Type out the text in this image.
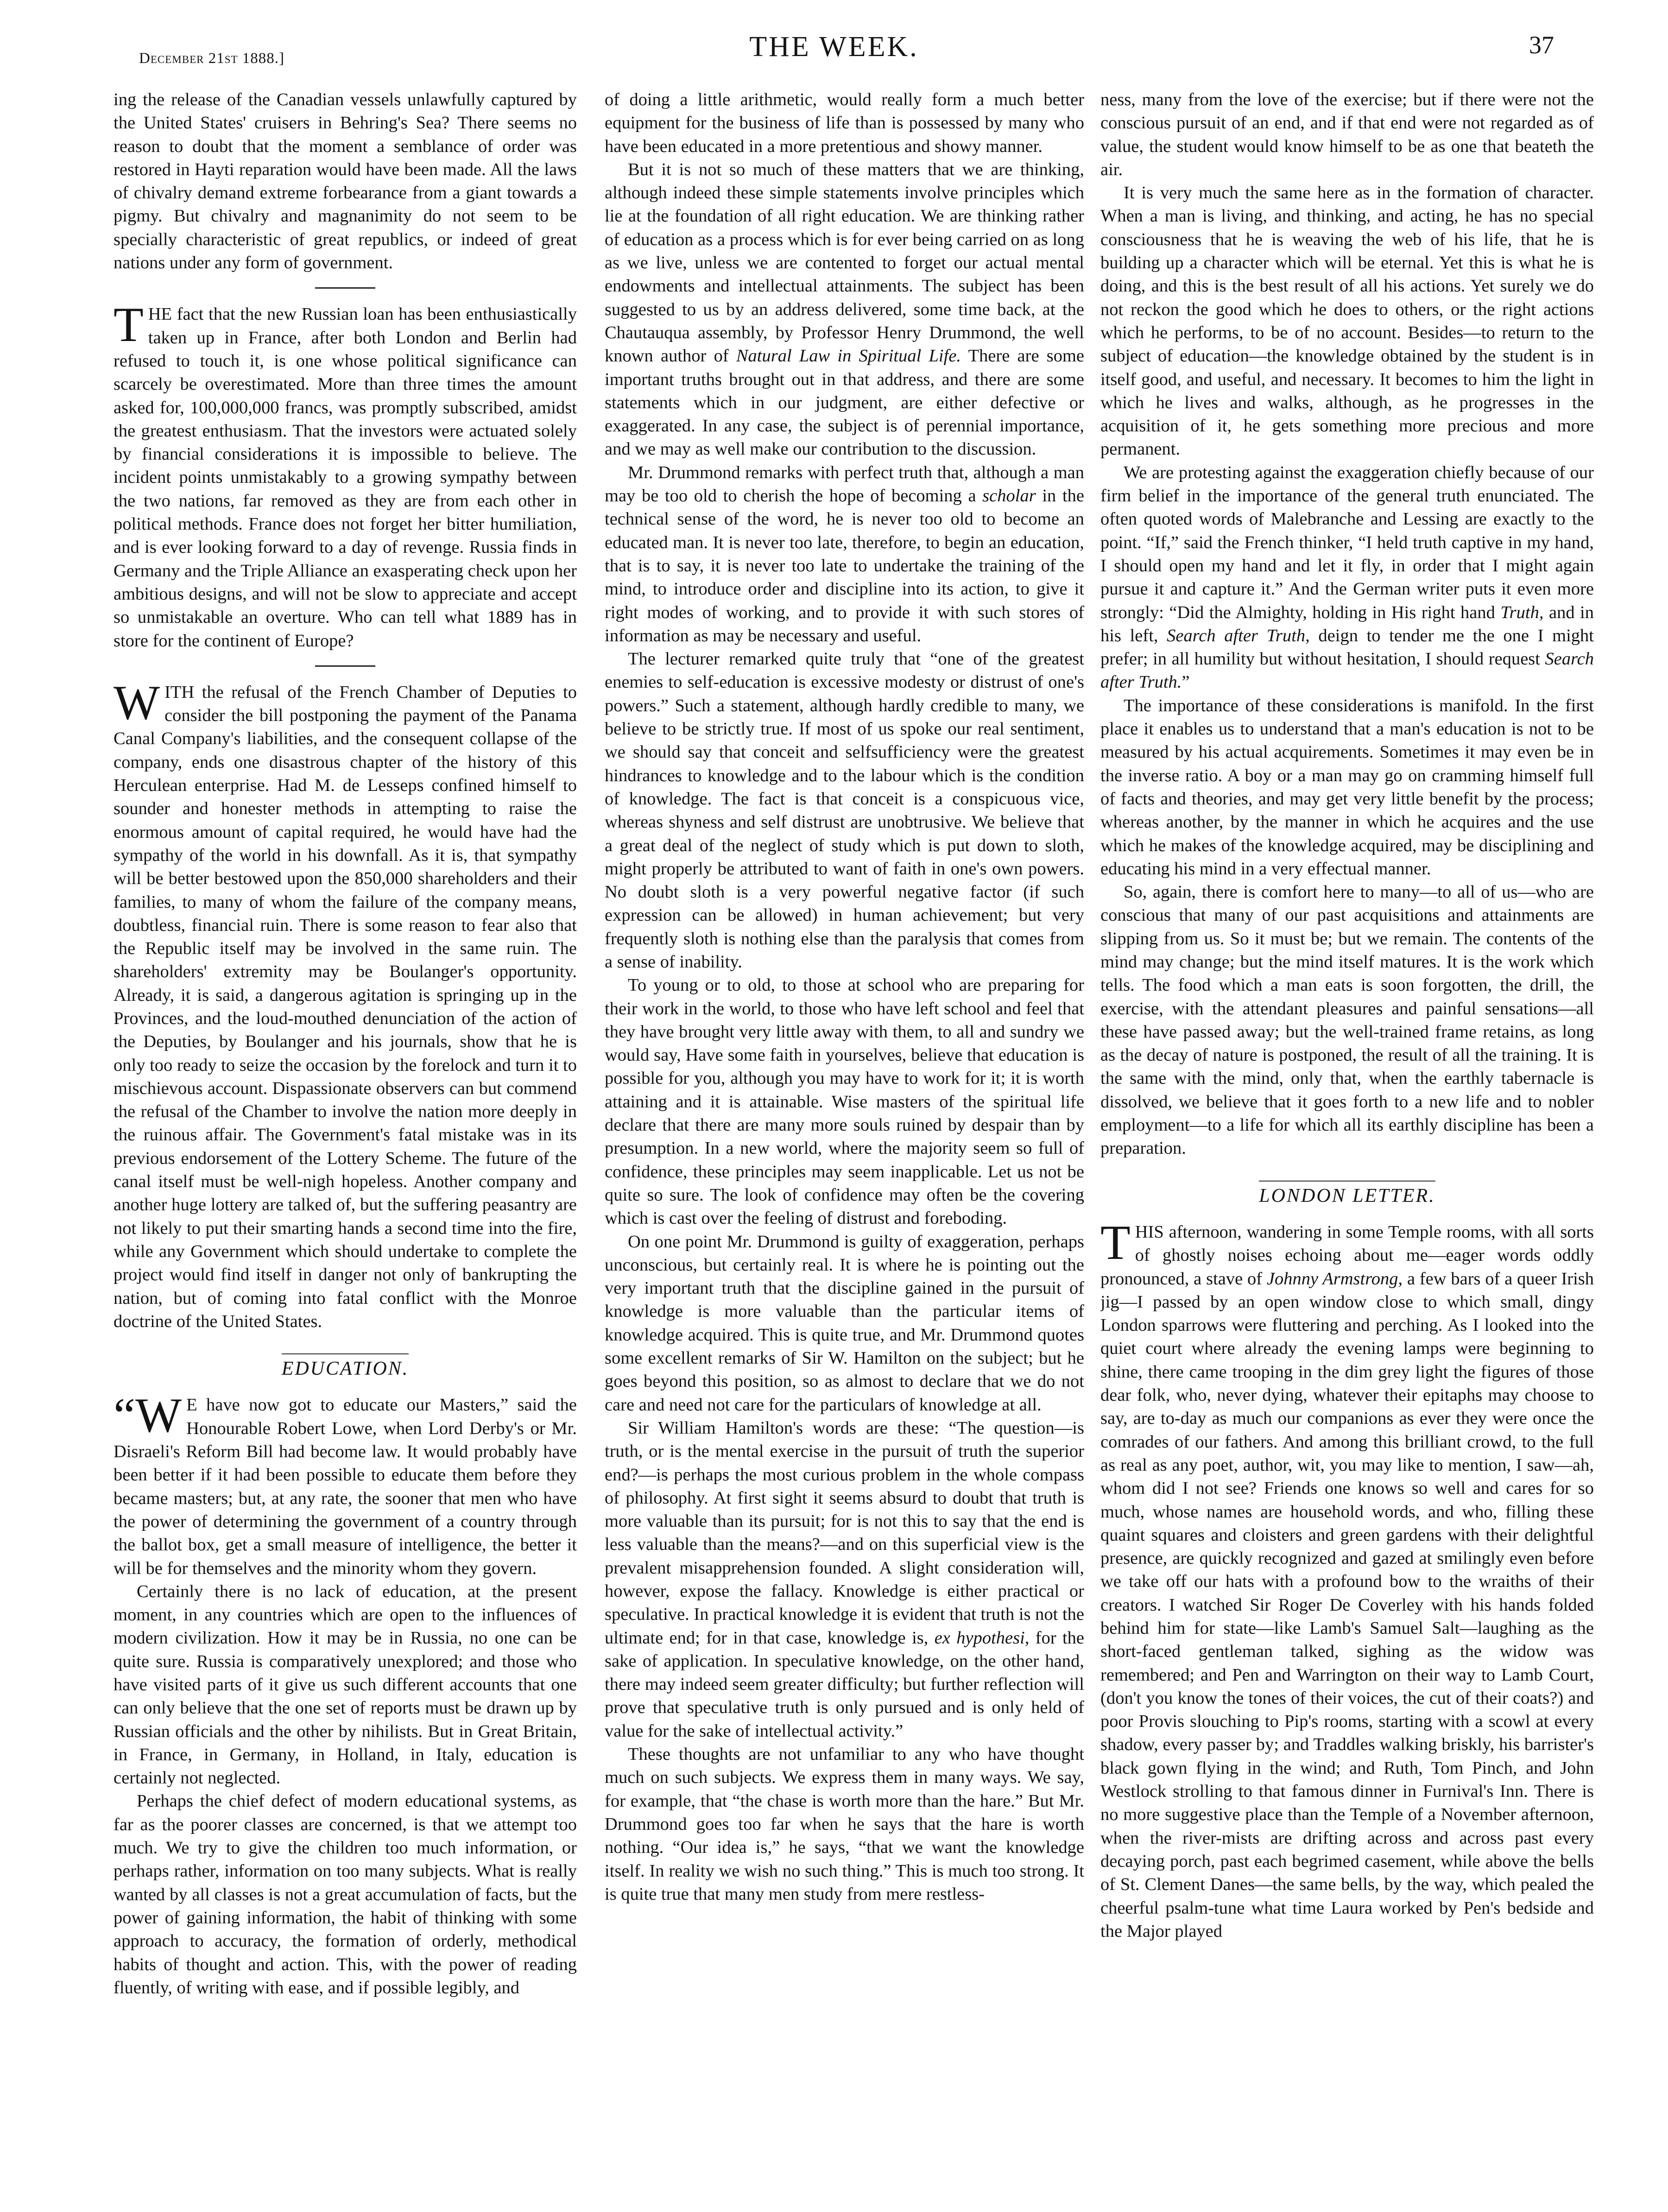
December 21st 1888.]	THE WEEK.	37

ing the release of the Canadian vessels unlawfully captured by the United States' cruisers in Behring's Sea? There seems no reason to doubt that the moment a semblance of order was restored in Hayti reparation would have been made. All the laws of chivalry demand extreme forbearance from a giant towards a pigmy. But chivalry and magnanimity do not seem to be specially characteristic of great republics, or indeed of great nations under any form of government.

THE fact that the new Russian loan has been enthusiastically taken up in France, after both London and Berlin had refused to touch it, is one whose political significance can scarcely be overestimated. More than three times the amount asked for, 100,000,000 francs, was promptly subscribed, amidst the greatest enthusiasm. That the investors were actuated solely by financial considerations it is impossible to believe. The incident points unmistakably to a growing sympathy between the two nations, far removed as they are from each other in political methods. France does not forget her bitter humiliation, and is ever looking forward to a day of revenge. Russia finds in Germany and the Triple Alliance an exasperating check upon her ambitious designs, and will not be slow to appreciate and accept so unmistakable an overture. Who can tell what 1889 has in store for the continent of Europe?

WITH the refusal of the French Chamber of Deputies to consider the bill postponing the payment of the Panama Canal Company's liabilities, and the consequent collapse of the company, ends one disastrous chapter of the history of this Herculean enterprise. Had M. de Lesseps confined himself to sounder and honester methods in attempting to raise the enormous amount of capital required, he would have had the sympathy of the world in his downfall. As it is, that sympathy will be better bestowed upon the 850,000 shareholders and their families, to many of whom the failure of the company means, doubtless, financial ruin. There is some reason to fear also that the Republic itself may be involved in the same ruin. The shareholders' extremity may be Boulanger's opportunity. Already, it is said, a dangerous agitation is springing up in the Provinces, and the loud-mouthed denunciation of the action of the Deputies, by Boulanger and his journals, show that he is only too ready to seize the occasion by the forelock and turn it to mischievous account. Dispassionate observers can but commend the refusal of the Chamber to involve the nation more deeply in the ruinous affair. The Government's fatal mistake was in its previous endorsement of the Lottery Scheme. The future of the canal itself must be well-nigh hopeless. Another company and another huge lottery are talked of, but the suffering peasantry are not likely to put their smarting hands a second time into the fire, while any Government which should undertake to complete the project would find itself in danger not only of bankrupting the nation, but of coming into fatal conflict with the Monroe doctrine of the United States.

EDUCATION.

“W E have now got to educate our Masters,” said the Honourable Robert Lowe, when Lord Derby's or Mr. Disraeli's Reform Bill had become law. It would probably have been better if it had been possible to educate them before they became masters; but, at any rate, the sooner that men who have the power of determining the government of a country through the ballot box, get a small measure of intelligence, the better it will be for themselves and the minority whom they govern.

Certainly there is no lack of education, at the present moment, in any countries which are open to the influences of modern civilization. How it may be in Russia, no one can be quite sure. Russia is comparatively unexplored; and those who have visited parts of it give us such different accounts that one can only believe that the one set of reports must be drawn up by Russian officials and the other by nihilists. But in Great Britain, in France, in Germany, in Holland, in Italy, education is certainly not neglected.

Perhaps the chief defect of modern educational systems, as far as the poorer classes are concerned, is that we attempt too much. We try to give the children too much information, or perhaps rather, information on too many subjects. What is really wanted by all classes is not a great accumulation of facts, but the power of gaining information, the habit of thinking with some approach to accuracy, the formation of orderly, methodical habits of thought and action. This, with the power of reading fluently, of writing with ease, and if possible legibly, and

of doing a little arithmetic, would really form a much better equipment for the business of life than is possessed by many who have been educated in a more pretentious and showy manner.

But it is not so much of these matters that we are thinking, although indeed these simple statements involve principles which lie at the foundation of all right education. We are thinking rather of education as a process which is for ever being carried on as long as we live, unless we are contented to forget our actual mental endowments and intellectual attainments. The subject has been suggested to us by an address delivered, some time back, at the Chautauqua assembly, by Professor Henry Drummond, the well known author of Natural Law in Spiritual Life. There are some important truths brought out in that address, and there are some statements which in our judgment, are either defective or exaggerated. In any case, the subject is of perennial importance, and we may as well make our contribution to the discussion.

Mr. Drummond remarks with perfect truth that, although a man may be too old to cherish the hope of becoming a scholar in the technical sense of the word, he is never too old to become an educated man. It is never too late, therefore, to begin an education, that is to say, it is never too late to undertake the training of the mind, to introduce order and discipline into its action, to give it right modes of working, and to provide it with such stores of information as may be necessary and useful.

The lecturer remarked quite truly that “one of the greatest enemies to self-education is excessive modesty or distrust of one's powers.” Such a statement, although hardly credible to many, we believe to be strictly true. If most of us spoke our real sentiment, we should say that conceit and selfsufficiency were the greatest hindrances to knowledge and to the labour which is the condition of knowledge. The fact is that conceit is a conspicuous vice, whereas shyness and self distrust are unobtrusive. We believe that a great deal of the neglect of study which is put down to sloth, might properly be attributed to want of faith in one's own powers. No doubt sloth is a very powerful negative factor (if such expression can be allowed) in human achievement; but very frequently sloth is nothing else than the paralysis that comes from a sense of inability.

To young or to old, to those at school who are preparing for their work in the world, to those who have left school and feel that they have brought very little away with them, to all and sundry we would say, Have some faith in yourselves, believe that education is possible for you, although you may have to work for it; it is worth attaining and it is attainable. Wise masters of the spiritual life declare that there are many more souls ruined by despair than by presumption. In a new world, where the majority seem so full of confidence, these principles may seem inapplicable. Let us not be quite so sure. The look of confidence may often be the covering which is cast over the feeling of distrust and foreboding.

On one point Mr. Drummond is guilty of exaggeration, perhaps unconscious, but certainly real. It is where he is pointing out the very important truth that the discipline gained in the pursuit of knowledge is more valuable than the particular items of knowledge acquired. This is quite true, and Mr. Drummond quotes some excellent remarks of Sir W. Hamilton on the subject; but he goes beyond this position, so as almost to declare that we do not care and need not care for the particulars of knowledge at all.

Sir William Hamilton's words are these: “The question—is truth, or is the mental exercise in the pursuit of truth the superior end?—is perhaps the most curious problem in the whole compass of philosophy. At first sight it seems absurd to doubt that truth is more valuable than its pursuit; for is not this to say that the end is less valuable than the means?—and on this superficial view is the prevalent misapprehension founded. A slight consideration will, however, expose the fallacy. Knowledge is either practical or speculative. In practical knowledge it is evident that truth is not the ultimate end; for in that case, knowledge is, ex hypothesi, for the sake of application. In speculative knowledge, on the other hand, there may indeed seem greater difficulty; but further reflection will prove that speculative truth is only pursued and is only held of value for the sake of intellectual activity.”

These thoughts are not unfamiliar to any who have thought much on such subjects. We express them in many ways. We say, for example, that “the chase is worth more than the hare.” But Mr. Drummond goes too far when he says that the hare is worth nothing. “Our idea is,” he says, “that we want the knowledge itself. In reality we wish no such thing.” This is much too strong. It is quite true that many men study from mere restless-

ness, many from the love of the exercise; but if there were not the conscious pursuit of an end, and if that end were not regarded as of value, the student would know himself to be as one that beateth the air.

It is very much the same here as in the formation of character. When a man is living, and thinking, and acting, he has no special consciousness that he is weaving the web of his life, that he is building up a character which will be eternal. Yet this is what he is doing, and this is the best result of all his actions. Yet surely we do not reckon the good which he does to others, or the right actions which he performs, to be of no account. Besides—to return to the subject of education—the knowledge obtained by the student is in itself good, and useful, and necessary. It becomes to him the light in which he lives and walks, although, as he progresses in the acquisition of it, he gets something more precious and more permanent.

We are protesting against the exaggeration chiefly because of our firm belief in the importance of the general truth enunciated. The often quoted words of Malebranche and Lessing are exactly to the point. “If,” said the French thinker, “I held truth captive in my hand, I should open my hand and let it fly, in order that I might again pursue it and capture it.” And the German writer puts it even more strongly: “Did the Almighty, holding in His right hand Truth, and in his left, Search after Truth, deign to tender me the one I might prefer; in all humility but without hesitation, I should request Search after Truth.”

The importance of these considerations is manifold. In the first place it enables us to understand that a man's education is not to be measured by his actual acquirements. Sometimes it may even be in the inverse ratio. A boy or a man may go on cramming himself full of facts and theories, and may get very little benefit by the process; whereas another, by the manner in which he acquires and the use which he makes of the knowledge acquired, may be disciplining and educating his mind in a very effectual manner.

So, again, there is comfort here to many—to all of us—who are conscious that many of our past acquisitions and attainments are slipping from us. So it must be; but we remain. The contents of the mind may change; but the mind itself matures. It is the work which tells. The food which a man eats is soon forgotten, the drill, the exercise, with the attendant pleasures and painful sensations—all these have passed away; but the well-trained frame retains, as long as the decay of nature is postponed, the result of all the training. It is the same with the mind, only that, when the earthly tabernacle is dissolved, we believe that it goes forth to a new life and to nobler employment—to a life for which all its earthly discipline has been a preparation.

LONDON LETTER.

THIS afternoon, wandering in some Temple rooms, with all sorts of ghostly noises echoing about me—eager words oddly pronounced, a stave of Johnny Armstrong, a few bars of a queer Irish jig—I passed by an open window close to which small, dingy London sparrows were fluttering and perching. As I looked into the quiet court where already the evening lamps were beginning to shine, there came trooping in the dim grey light the figures of those dear folk, who, never dying, whatever their epitaphs may choose to say, are to-day as much our companions as ever they were once the comrades of our fathers. And among this brilliant crowd, to the full as real as any poet, author, wit, you may like to mention, I saw—ah, whom did I not see? Friends one knows so well and cares for so much, whose names are household words, and who, filling these quaint squares and cloisters and green gardens with their delightful presence, are quickly recognized and gazed at smilingly even before we take off our hats with a profound bow to the wraiths of their creators. I watched Sir Roger De Coverley with his hands folded behind him for state—like Lamb's Samuel Salt—laughing as the short-faced gentleman talked, sighing as the widow was remembered; and Pen and Warrington on their way to Lamb Court, (don't you know the tones of their voices, the cut of their coats?) and poor Provis slouching to Pip's rooms, starting with a scowl at every shadow, every passer by; and Traddles walking briskly, his barrister's black gown flying in the wind; and Ruth, Tom Pinch, and John Westlock strolling to that famous dinner in Furnival's Inn. There is no more suggestive place than the Temple of a November afternoon, when the river-mists are drifting across and across past every decaying porch, past each begrimed casement, while above the bells of St. Clement Danes—the same bells, by the way, which pealed the cheerful psalm-tune what time Laura worked by Pen's bedside and the Major played
